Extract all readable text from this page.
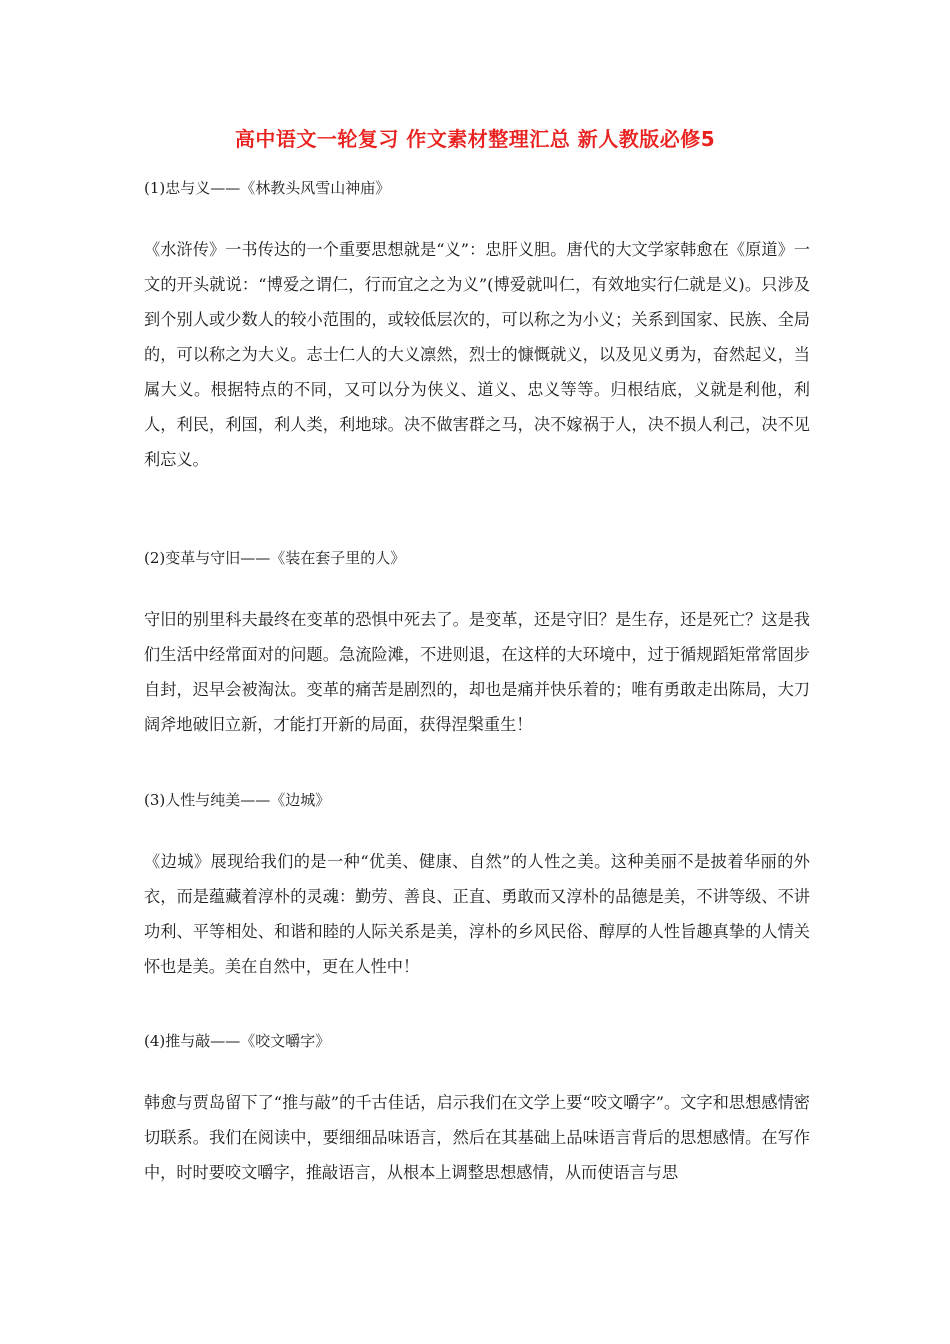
高中语文一轮复习 作文素材整理汇总 新人教版必修5
(1)忠与义——《林教头风雪山神庙》
《水浒传》一书传达的一个重要思想就是“义”：忠肝义胆。唐代的大文学家韩愈在《原道》一文的开头就说：“博爱之谓仁，行而宜之之为义”(博爱就叫仁，有效地实行仁就是义)。只涉及到个别人或少数人的较小范围的，或较低层次的，可以称之为小义；关系到国家、民族、全局的，可以称之为大义。志士仁人的大义凛然，烈士的慷慨就义，以及见义勇为，奋然起义，当属大义。根据特点的不同，又可以分为侠义、道义、忠义等等。归根结底，义就是利他，利人，利民，利国，利人类，利地球。决不做害群之马，决不嫁祸于人，决不损人利己，决不见利忘义。
(2)变革与守旧——《装在套子里的人》
守旧的别里科夫最终在变革的恐惧中死去了。是变革，还是守旧？是生存，还是死亡？这是我们生活中经常面对的问题。急流险滩，不进则退，在这样的大环境中，过于循规蹈矩常常固步自封，迟早会被淘汰。变革的痛苦是剧烈的，却也是痛并快乐着的；唯有勇敢走出陈局，大刀阔斧地破旧立新，才能打开新的局面，获得涅槃重生！
(3)人性与纯美——《边城》
《边城》展现给我们的是一种“优美、健康、自然”的人性之美。这种美丽不是披着华丽的外衣，而是蕴藏着淳朴的灵魂：勤劳、善良、正直、勇敢而又淳朴的品德是美，不讲等级、不讲功利、平等相处、和谐和睦的人际关系是美，淳朴的乡风民俗、醇厚的人性旨趣真挚的人情关怀也是美。美在自然中，更在人性中！
(4)推与敲——《咬文嚼字》
韩愈与贾岛留下了“推与敲”的千古佳话，启示我们在文学上要“咬文嚼字”。文字和思想感情密切联系。我们在阅读中，要细细品味语言，然后在其基础上品味语言背后的思想感情。在写作中，时时要咬文嚼字，推敲语言，从根本上调整思想感情，从而使语言与思
